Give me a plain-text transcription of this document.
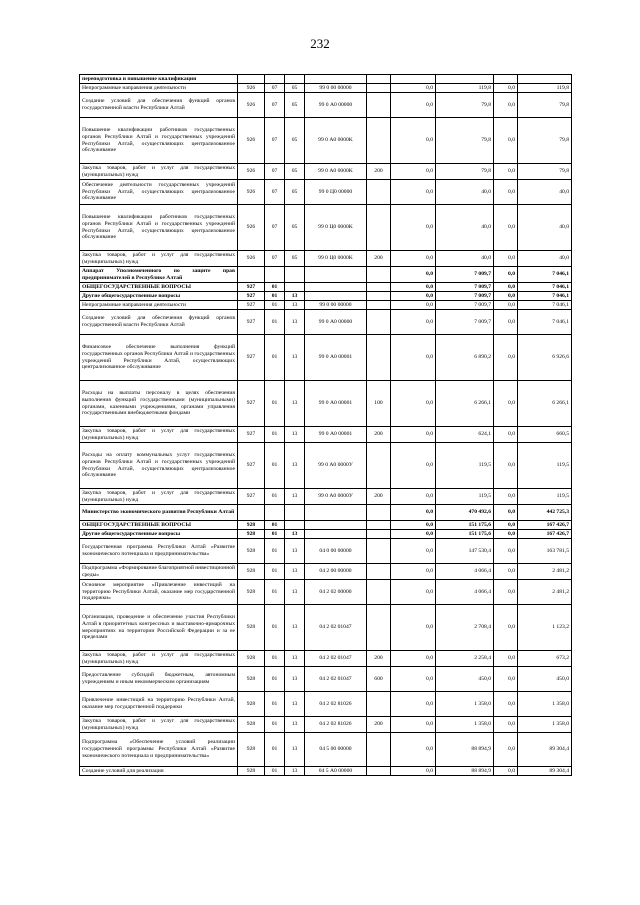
232
переподготовка и повышение квалификации									
Непрограммные направления деятельности	926	07	05	99 0 00 00000		0,0	119,8	0,0	119,8
Создание условий для обеспечения функций органов государственной власти Республики Алтай	926	07	05	99 0 А0 00000		0,0	79,8	0,0	79,8
Повышение квалификации работников государственных органов Республики Алтай и государственных учреждений Республики Алтай, осуществляющих централизованное обслуживание	926	07	05	99 0 А0 0000K		0,0	79,8	0,0	79,8
Закупка товаров, работ и услуг для государственных (муниципальных) нужд	926	07	05	99 0 А0 0000K	200	0,0	79,8	0,0	79,8
Обеспечение деятельности государственных учреждений Республики Алтай, осуществляющих централизованное обслуживание	926	07	05	99 0 Ц0 00000		0,0	40,0	0,0	40,0
Повышение квалификации работников государственных органов Республики Алтай и государственных учреждений Республики Алтай, осуществляющих централизованное обслуживание	926	07	05	99 0 Ц0 0000K		0,0	40,0	0,0	40,0
Закупка товаров, работ и услуг для государственных (муниципальных) нужд	926	07	05	99 0 Ц0 0000K	200	0,0	40,0	0,0	40,0
Аппарат Уполномоченного по защите прав предпринимателей в Республике Алтай						0,0	7 009,7	0,0	7 046,1
ОБЩЕГОСУДАРСТВЕННЫЕ ВОПРОСЫ	927	01				0,0	7 009,7	0,0	7 046,1
Другие общегосударственные вопросы	927	01	13			0,0	7 009,7	0,0	7 046,1
Непрограммные направления деятельности	927	01	13	99 0 00 00000		0,0	7 009,7	0,0	7 046,1
Создание условий для обеспечения функций органов государственной власти Республики Алтай	927	01	13	99 0 А0 00000		0,0	7 009,7	0,0	7 046,1
Финансовое обеспечение выполнения функций государственных органов Республики Алтай и государственных учреждений Республики Алтай, осуществляющих централизованное обслуживание	927	01	13	99 0 А0 00001		0,0	6 890,2	0,0	6 926,6
Расходы на выплаты персоналу в целях обеспечения выполнения функций государственными (муниципальными) органами, казенными учреждениями, органами управления государственными внебюджетными фондами	927	01	13	99 0 А0 00001	100	0,0	6 266,1	0,0	6 266,1
Закупка товаров, работ и услуг для государственных (муниципальных) нужд	927	01	13	99 0 А0 00001	200	0,0	624,1	0,0	660,5
Расходы на оплату коммунальных услуг государственных органов Республики Алтай и государственных учреждений Республики Алтай, осуществляющих централизованное обслуживание	927	01	13	99 0 А0 0000У		0,0	119,5	0,0	119,5
Закупка товаров, работ и услуг для государственных (муниципальных) нужд	927	01	13	99 0 А0 0000У	200	0,0	119,5	0,0	119,5
Министерство экономического развития Республики Алтай						0,0	470 492,6	0,0	442 725,3
ОБЩЕГОСУДАРСТВЕННЫЕ ВОПРОСЫ	928	01				0,0	151 175,6	0,0	167 426,7
Другие общегосударственные вопросы	928	01	13			0,0	151 175,6	0,0	167 426,7
Государственная программа Республики Алтай «Развитие экономического потенциала и предпринимательства»	928	01	13	04 0 00 00000		0,0	147 530,4	0,0	163 781,5
Подпрограмма «Формирование благоприятной инвестиционной среды»	928	01	13	04 2 00 00000		0,0	4 066,4	0,0	2 481,2
Основное мероприятие «Привлечение инвестиций на территорию Республики Алтай, оказание мер государственной поддержки»	928	01	13	04 2 02 00000		0,0	4 066,4	0,0	2 481,2
Организация, проведение и обеспечение участия Республики Алтай в приоритетных конгрессных и выставочно-ярмарочных мероприятиях на территории Российской Федерации и за ее пределами	928	01	13	04 2 02 01047		0,0	2 708,4	0,0	1 123,2
Закупка товаров, работ и услуг для государственных (муниципальных) нужд	928	01	13	04 2 02 01047	200	0,0	2 258,4	0,0	673,2
Предоставление субсидий бюджетным, автономным учреждениям и иным некоммерческим организациям	928	01	13	04 2 02 01047	600	0,0	450,0	0,0	450,0
Привлечение инвестиций на территорию Республики Алтай, оказание мер государственной поддержки	928	01	13	04 2 02 81026		0,0	1 358,0	0,0	1 358,0
Закупка товаров, работ и услуг для государственных (муниципальных) нужд	928	01	13	04 2 02 81026	200	0,0	1 358,0	0,0	1 358,0
Подпрограмма «Обеспечение условий реализации государственной программы Республики Алтай «Развитие экономического потенциала и предпринимательства»	928	01	13	04 5 00 00000		0,0	88 894,9	0,0	89 304,4
Создание условий для реализации	928	01	13	04 5 А0 00000		0,0	88 894,9	0,0	89 304,4
